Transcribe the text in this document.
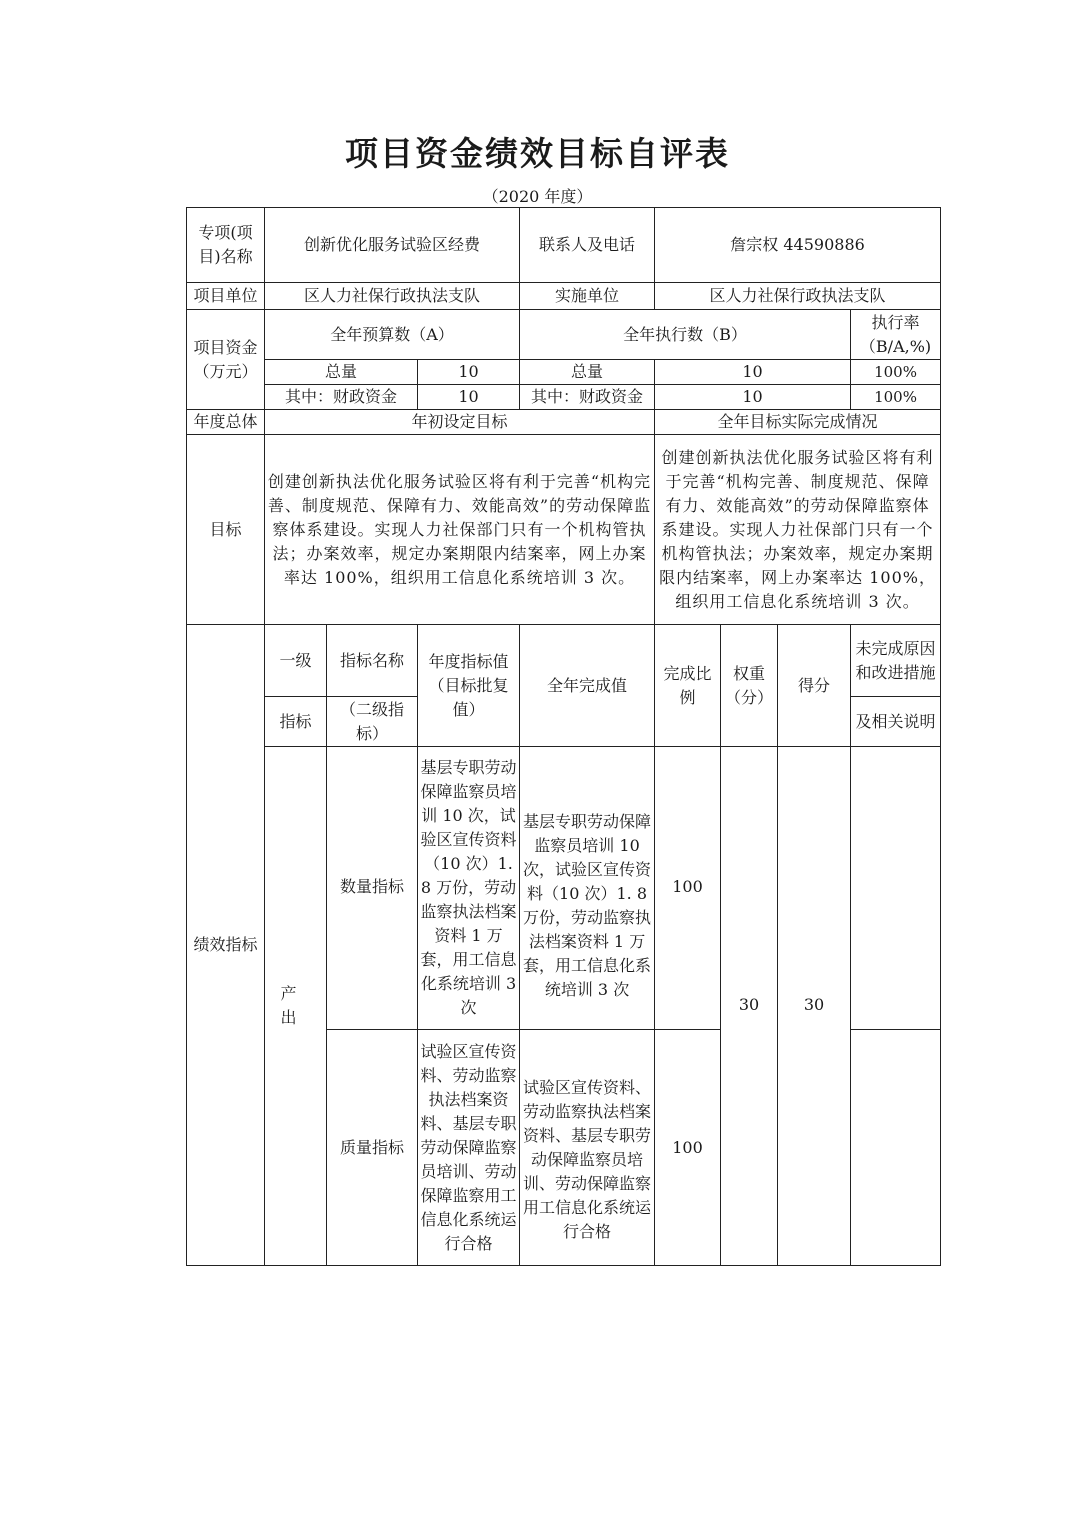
项目资金绩效目标自评表
（2020 年度）
专项(项目)名称	创新优化服务试验区经费			联系人及电话	詹宗权 44590886			
项目单位	区人力社保行政执法支队			实施单位	区人力社保行政执法支队			
项目资金（万元）	全年预算数（A）			全年执行数（B）				执行率（B/A,%)
	总量		10	总量	10			100%
	其中：财政资金		10	其中：财政资金	10			100%
年度总体	年初设定目标				全年目标实际完成情况			
目标	创建创新执法优化服务试验区将有利于完善“机构完善、制度规范、保障有力、效能高效”的劳动保障监察体系建设。实现人力社保部门只有一个机构管执法；办案效率，规定办案期限内结案率，网上办案率达 100%，组织用工信息化系统培训 3 次。				创建创新执法优化服务试验区将有利于完善“机构完善、制度规范、保障有力、效能高效”的劳动保障监察体系建设。实现人力社保部门只有一个机构管执法；办案效率，规定办案期限内结案率，网上办案率达 100%，组织用工信息化系统培训 3 次。			
绩效指标	一级	指标名称	年度指标值（目标批复值）	全年完成值	完成比例	权重（分）	得分	未完成原因和改进措施
	指标	（二级指标）						及相关说明
	产出	数量指标	基层专职劳动保障监察员培训 10 次，试验区宣传资料（10 次）1. 8 万份，劳动监察执法档案资料 1 万套，用工信息化系统培训 3 次	基层专职劳动保障监察员培训 10 次，试验区宣传资料（10 次）1. 8 万份，劳动监察执法档案资料 1 万套，用工信息化系统培训 3 次	100	30	30	
		质量指标	试验区宣传资料、劳动监察执法档案资料、基层专职劳动保障监察员培训、劳动保障监察用工信息化系统运行合格	试验区宣传资料、劳动监察执法档案资料、基层专职劳动保障监察员培训、劳动保障监察用工信息化系统运行合格	100			
